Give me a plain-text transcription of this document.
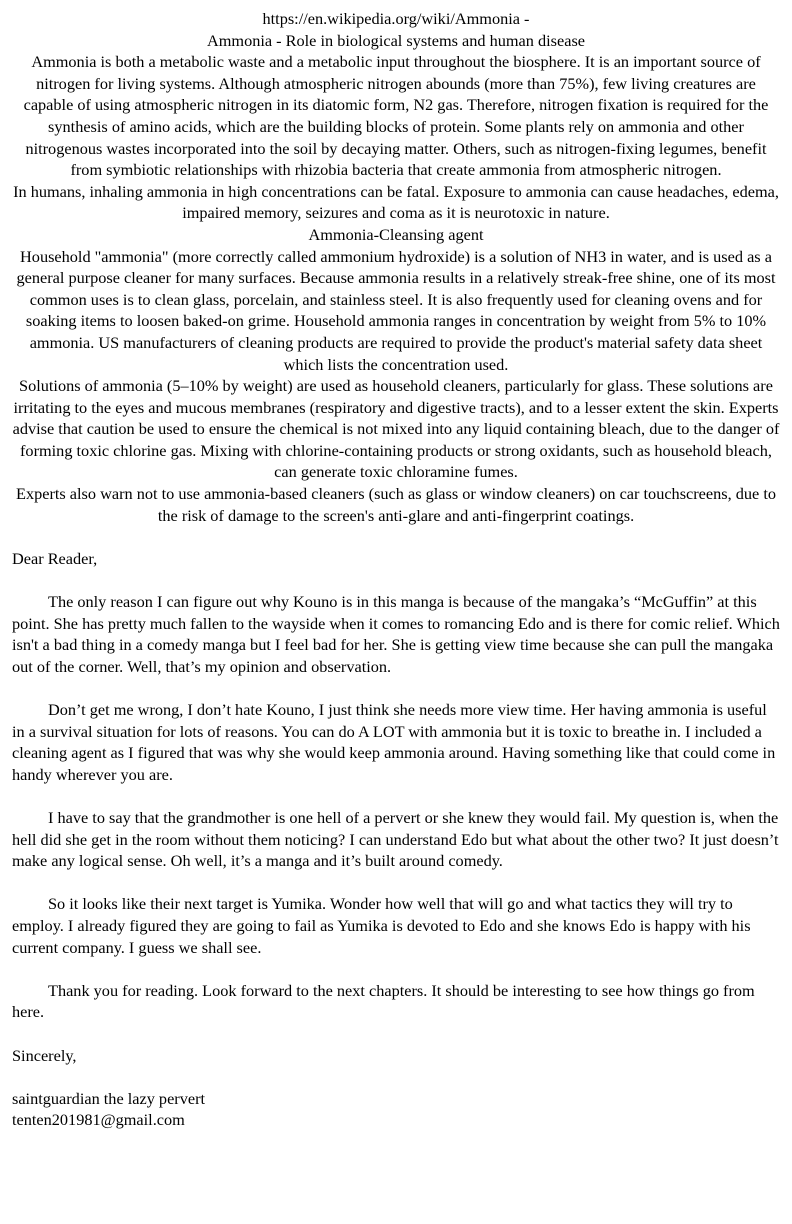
https://en.wikipedia.org/wiki/Ammonia -

Ammonia - Role in biological systems and human disease

Ammonia is both a metabolic waste and a metabolic input throughout the biosphere. It is an important source of nitrogen for living systems. Although atmospheric nitrogen abounds (more than 75%), few living creatures are capable of using atmospheric nitrogen in its diatomic form, N2 gas. Therefore, nitrogen fixation is required for the synthesis of amino acids, which are the building blocks of protein. Some plants rely on ammonia and other nitrogenous wastes incorporated into the soil by decaying matter. Others, such as nitrogen-fixing legumes, benefit from symbiotic relationships with rhizobia bacteria that create ammonia from atmospheric nitrogen.

In humans, inhaling ammonia in high concentrations can be fatal. Exposure to ammonia can cause headaches, edema, impaired memory, seizures and coma as it is neurotoxic in nature.

Ammonia-Cleansing agent

Household "ammonia" (more correctly called ammonium hydroxide) is a solution of NH3 in water, and is used as a general purpose cleaner for many surfaces. Because ammonia results in a relatively streak-free shine, one of its most common uses is to clean glass, porcelain, and stainless steel. It is also frequently used for cleaning ovens and for soaking items to loosen baked-on grime. Household ammonia ranges in concentration by weight from 5% to 10% ammonia. US manufacturers of cleaning products are required to provide the product's material safety data sheet which lists the concentration used.

Solutions of ammonia (5–10% by weight) are used as household cleaners, particularly for glass. These solutions are irritating to the eyes and mucous membranes (respiratory and digestive tracts), and to a lesser extent the skin. Experts advise that caution be used to ensure the chemical is not mixed into any liquid containing bleach, due to the danger of forming toxic chlorine gas. Mixing with chlorine-containing products or strong oxidants, such as household bleach, can generate toxic chloramine fumes.

Experts also warn not to use ammonia-based cleaners (such as glass or window cleaners) on car touchscreens, due to the risk of damage to the screen's anti-glare and anti-fingerprint coatings.

Dear Reader,

The only reason I can figure out why Kouno is in this manga is because of the mangaka’s “McGuffin” at this point. She has pretty much fallen to the wayside when it comes to romancing Edo and is there for comic relief. Which isn't a bad thing in a comedy manga but I feel bad for her. She is getting view time because she can pull the mangaka out of the corner. Well, that’s my opinion and observation.

Don’t get me wrong, I don’t hate Kouno, I just think she needs more view time. Her having ammonia is useful in a survival situation for lots of reasons. You can do A LOT with ammonia but it is toxic to breathe in. I included a cleaning agent as I figured that was why she would keep ammonia around. Having something like that could come in handy wherever you are.

I have to say that the grandmother is one hell of a pervert or she knew they would fail. My question is, when the hell did she get in the room without them noticing? I can understand Edo but what about the other two? It just doesn’t make any logical sense. Oh well, it’s a manga and it’s built around comedy.

So it looks like their next target is Yumika. Wonder how well that will go and what tactics they will try to employ. I already figured they are going to fail as Yumika is devoted to Edo and she knows Edo is happy with his current company. I guess we shall see.

Thank you for reading. Look forward to the next chapters. It should be interesting to see how things go from here.

Sincerely,

saintguardian the lazy pervert

tenten201981@gmail.com
